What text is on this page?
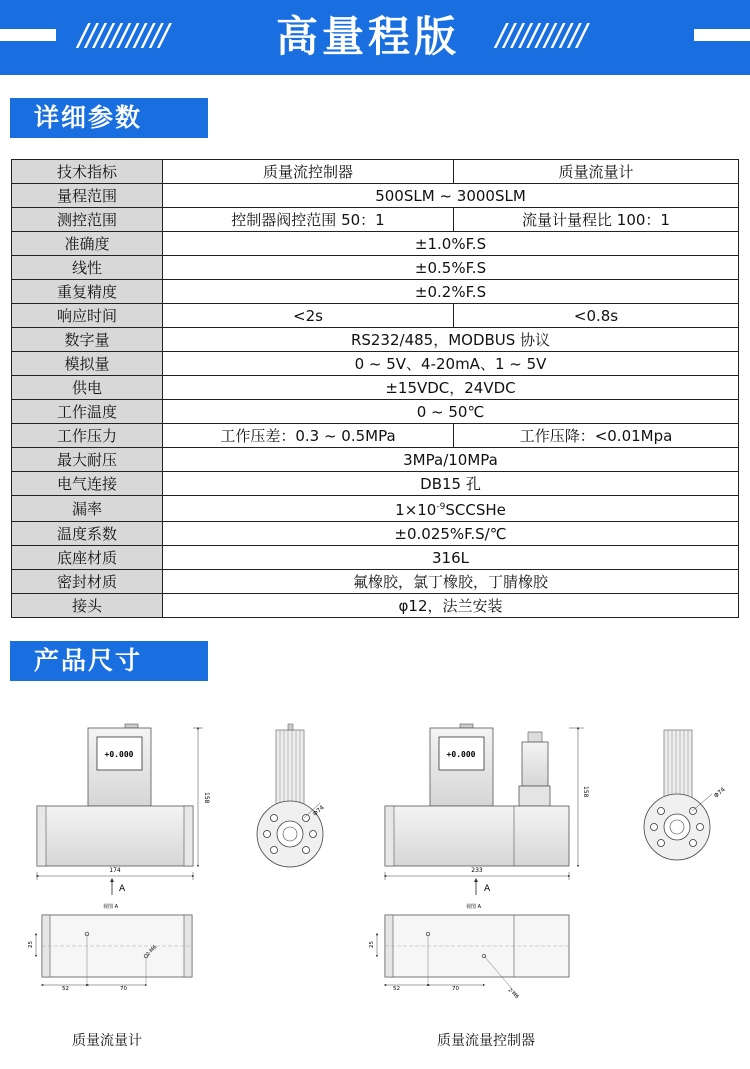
///////////	高量程版	///////////
详细参数
技术指标	质量流控制器	质量流量计
量程范围	500SLM ~ 3000SLM	
测控范围	控制器阀控范围 50：1	流量计量程比 100：1
准确度	±1.0%F.S	
线性	±0.5%F.S	
重复精度	±0.2%F.S	
响应时间	<2s	<0.8s
数字量	RS232/485，MODBUS 协议	
模拟量	0 ~ 5V、4-20mA、1 ~ 5V	
供电	±15VDC，24VDC	
工作温度	0 ~ 50℃	
工作压力	工作压差：0.3 ~ 0.5MPa	工作压降：<0.01Mpa
最大耐压	3MPa/10MPa	
电气连接	DB15 孔	
漏率	$1\times 10^{-9}SCCSHe$	
温度系数	±0.025%F.S/℃	
底座材质	316L	
密封材质	氟橡胶，氯丁橡胶，丁腈橡胶	
接头	φ12，法兰安装	
产品尺寸
+0.000
174
158
A
视图 A
Φ74
25
52	70
2-M6
+0.000
233
158
A
视图 A
Φ74
25
52	70	2-M6
质量流量计	质量流量控制器
